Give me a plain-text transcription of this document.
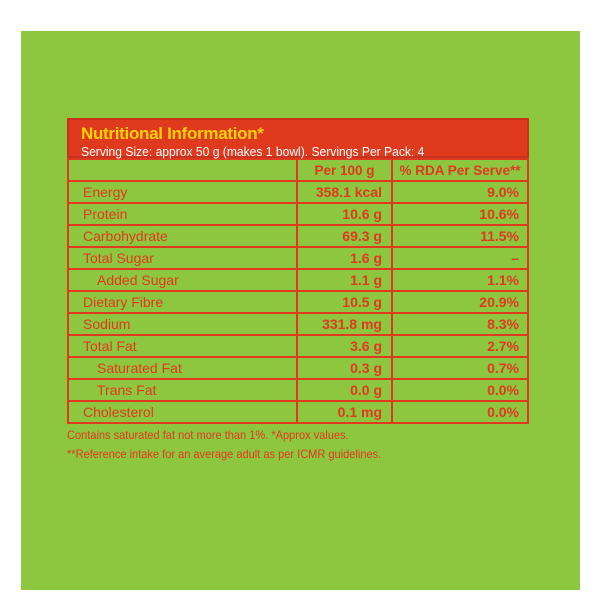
Nutritional Information*
Serving Size: approx 50 g (makes 1 bowl). Servings Per Pack: 4
	Per 100 g	% RDA Per Serve**
Energy	358.1 kcal	9.0%
Protein	10.6 g	10.6%
Carbohydrate	69.3 g	11.5%
Total Sugar	1.6 g	–
Added Sugar	1.1 g	1.1%
Dietary Fibre	10.5 g	20.9%
Sodium	331.8 mg	8.3%
Total Fat	3.6 g	2.7%
Saturated Fat	0.3 g	0.7%
Trans Fat	0.0 g	0.0%
Cholesterol	0.1 mg	0.0%
Contains saturated fat not more than 1%. *Approx values.
**Reference intake for an average adult as per ICMR guidelines.
